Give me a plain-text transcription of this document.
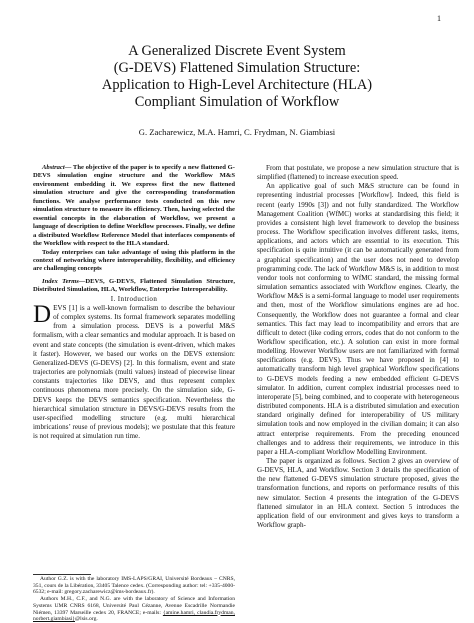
1
A Generalized Discrete Event System
(G-DEVS) Flattened Simulation Structure:
Application to High-Level Architecture (HLA)
Compliant Simulation of Workflow
G. Zacharewicz, M.A. Hamri, C. Frydman, N. Giambiasi

Abstract— The objective of the paper is to specify a new flattened G-DEVS simulation engine structure and the Workflow M&S environment embedding it. We express first the new flattened simulation structure and give the corresponding transformation functions. We analyse performance tests conducted on this new simulation structure to measure its efficiency. Then, having selected the essential concepts in the elaboration of Workflow, we present a language of description to define Workflow processes. Finally, we define a distributed Workflow Reference Model that interfaces components of the Workflow with respect to the HLA standard.

Today enterprises can take advantage of using this platform in the context of networking where interoperability, flexibility, and efficiency are challenging concepts

Index Terms—DEVS, G-DEVS, Flattened Simulation Structure, Distributed Simulation, HLA, Workflow, Enterprise Interoperability.

I. Introduction

DEVS [1] is a well-known formalism to describe the behaviour of complex systems. Its formal framework separates modelling from a simulation process. DEVS is a powerful M&S formalism, with a clear semantics and modular approach. It is based on event and state concepts (the simulation is event-driven, which makes it faster). However, we based our works on the DEVS extension: Generalized-DEVS (G-DEVS) [2]. In this formalism, event and state trajectories are polynomials (multi values) instead of piecewise linear constants trajectories like DEVS, and thus represent complex continuous phenomena more precisely. On the simulation side, G-DEVS keeps the DEVS semantics specification. Nevertheless the hierarchical simulation structure in DEVS/G-DEVS results from the user-specified modelling structure (e.g. multi hierarchical imbrications’ reuse of previous models); we postulate that this feature is not required at simulation run time.

Author G.Z. is with the laboratory IMS-LAPS/GRAI, Université Bordeaux – CNRS, 351, cours de la Libération, 33405 Talence cedex. (Corresponding author: tel: +335-4000-6532; e-mail: gregory.zacharewicz@ims-bordeaux.fr).

Authors M.H., C.F., and N.G. are with the laboratory of Science and Information Systems UMR CNRS 6168, Université Paul Cézanne, Avenue Escadrille Normandie Niémen, 13397 Marseille cedex 20, FRANCE; e-mails: {amine.hamri, claudia.frydman, norbert.giambiasi}@lsis.org.

From that postulate, we propose a new simulation structure that is simplified (flattened) to increase execution speed.

An applicative goal of such M&S structure can be found in representing industrial processes [Workflow]. Indeed, this field is recent (early 1990s [3]) and not fully standardized. The Workflow Management Coalition (WfMC) works at standardising this field; it provides a consistent high level framework to develop the business process. The Workflow specification involves different tasks, items, applications, and actors which are essential to its execution. This specification is quite intuitive (it can be automatically generated from a graphical specification) and the user does not need to develop programming code. The lack of Workflow M&S is, in addition to most vendor tools not conforming to WfMC standard, the missing formal simulation semantics associated with Workflow engines. Clearly, the Workflow M&S is a semi-formal language to model user requirements and then, most of the Workflow simulations engines are ad hoc. Consequently, the Workflow does not guarantee a formal and clear semantics. This fact may lead to incompatibility and errors that are difficult to detect (like coding errors, codes that do not conform to the Workflow specification, etc.). A solution can exist in more formal modelling. However Workflow users are not familiarized with formal specifications (e.g. DEVS). Thus we have proposed in [4] to automatically transform high level graphical Workflow specifications to G-DEVS models feeding a new embedded efficient G-DEVS simulator. In addition, current complex industrial processes need to interoperate [5], being combined, and to cooperate with heterogeneous distributed components. HLA is a distributed simulation and execution standard originally defined for interoperability of US military simulation tools and now employed in the civilian domain; it can also attract enterprise requirements. From the preceding enounced challenges and to address their requirements, we introduce in this paper a HLA-compliant Workflow Modelling Environment.

The paper is organized as follows. Section 2 gives an overview of G-DEVS, HLA, and Workflow. Section 3 details the specification of the new flattened G-DEVS simulation structure proposed, gives the transformation functions, and reports on performance results of this new simulator. Section 4 presents the integration of the G-DEVS flattened simulator in an HLA context. Section 5 introduces the application field of our environment and gives keys to transform a Workflow graph-
